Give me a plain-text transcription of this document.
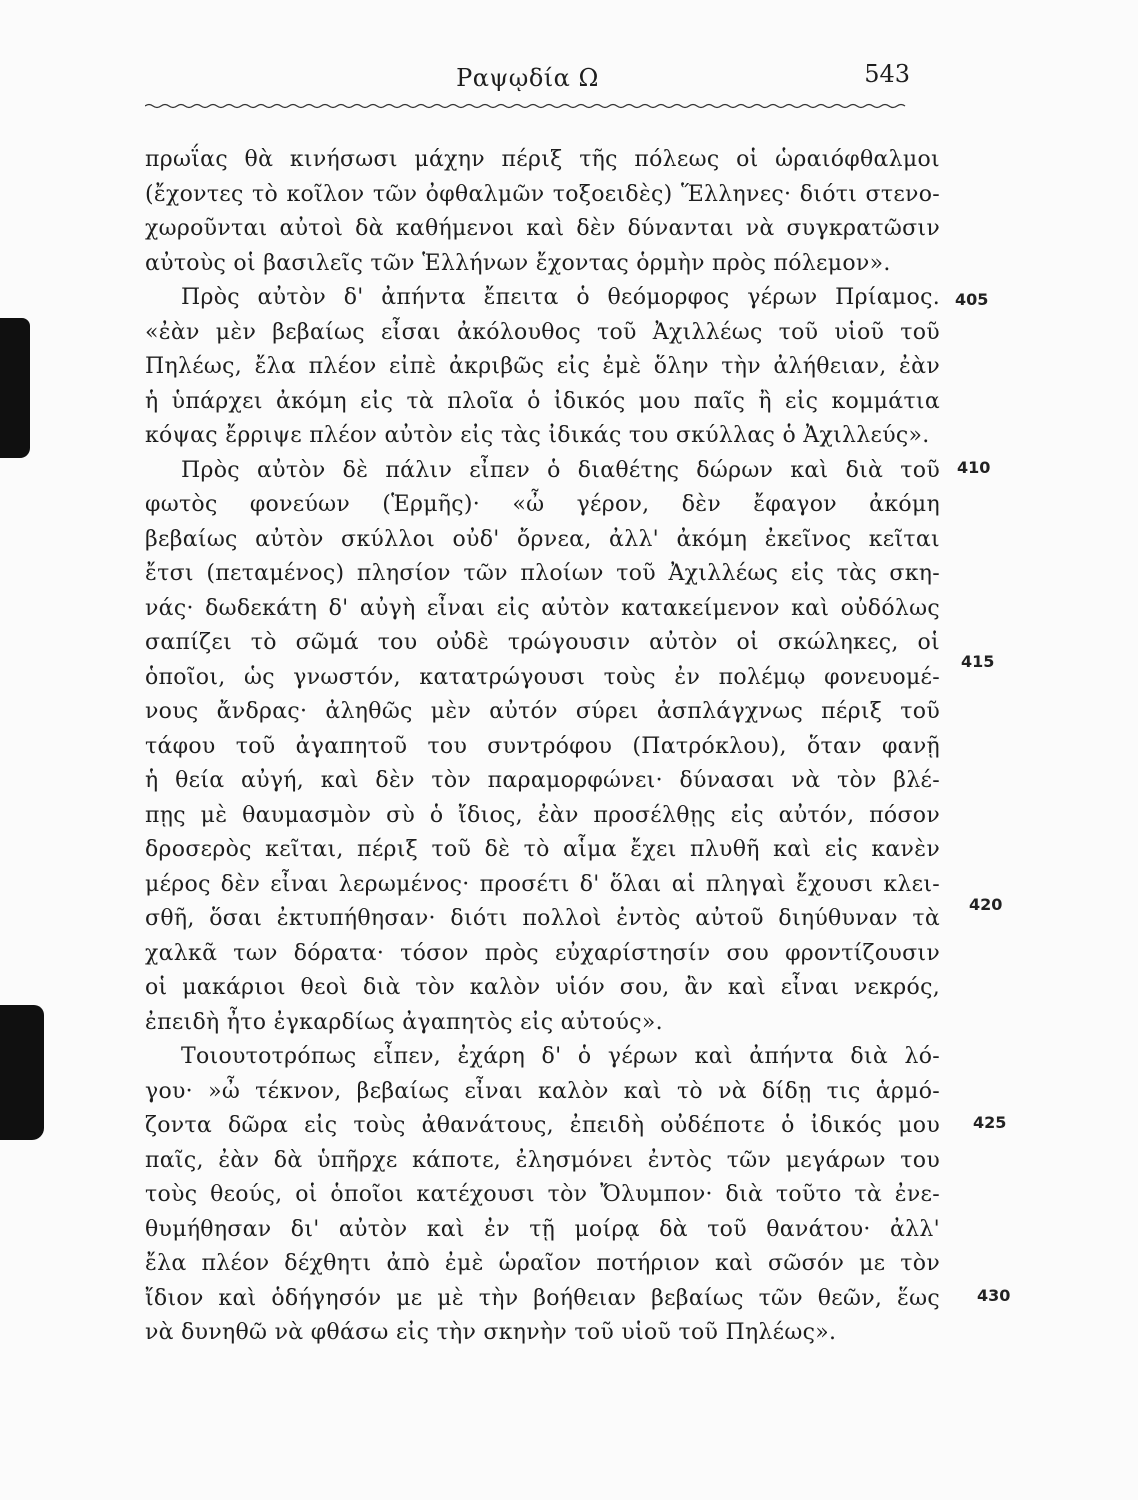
Ραψῳδία Ω	543
πρωΐας θὰ κινήσωσι μάχην πέριξ τῆς πόλεως οἱ ὡραιόφθαλμοι
(ἔχοντες τὸ κοῖλον τῶν ὀφθαλμῶν τοξοειδὲς) Ἕλληνες· διότι στενο-
χωροῦνται αὐτοὶ δὰ καθήμενοι καὶ δὲν δύνανται νὰ συγκρατῶσιν
αὐτοὺς οἱ βασιλεῖς τῶν Ἑλλήνων ἔχοντας ὁρμὴν πρὸς πόλεμον».
Πρὸς αὐτὸν δ' ἀπήντα ἔπειτα ὁ θεόμορφος γέρων Πρίαμος.
«ἐὰν μὲν βεβαίως εἶσαι ἀκόλουθος τοῦ Ἀχιλλέως τοῦ υἱοῦ τοῦ
Πηλέως, ἔλα πλέον εἰπὲ ἀκριβῶς εἰς ἐμὲ ὅλην τὴν ἀλήθειαν, ἐὰν
ἡ ὑπάρχει ἀκόμη εἰς τὰ πλοῖα ὁ ἰδικός μου παῖς ἢ εἰς κομμάτια
κόψας ἔρριψε πλέον αὐτὸν εἰς τὰς ἰδικάς του σκύλλας ὁ Ἀχιλλεύς».
Πρὸς αὐτὸν δὲ πάλιν εἶπεν ὁ διαθέτης δώρων καὶ διὰ τοῦ
φωτὸς φονεύων (Ἑρμῆς)· «ὦ γέρον, δὲν ἔφαγον ἀκόμη
βεβαίως αὐτὸν σκύλλοι οὐδ' ὄρνεα, ἀλλ' ἀκόμη ἐκεῖνος κεῖται
ἔτσι (πεταμένος) πλησίον τῶν πλοίων τοῦ Ἀχιλλέως εἰς τὰς σκη-
νάς· δωδεκάτη δ' αὐγὴ εἶναι εἰς αὐτὸν κατακείμενον καὶ οὐδόλως
σαπίζει τὸ σῶμά του οὐδὲ τρώγουσιν αὐτὸν οἱ σκώληκες, οἱ
ὁποῖοι, ὡς γνωστόν, κατατρώγουσι τοὺς ἐν πολέμῳ φονευομέ-
νους ἄνδρας· ἀληθῶς μὲν αὐτόν σύρει ἀσπλάγχνως πέριξ τοῦ
τάφου τοῦ ἀγαπητοῦ του συντρόφου (Πατρόκλου), ὅταν φανῇ
ἡ θεία αὐγή, καὶ δὲν τὸν παραμορφώνει· δύνασαι νὰ τὸν βλέ-
πῃς μὲ θαυμασμὸν σὺ ὁ ἴδιος, ἐὰν προσέλθῃς εἰς αὐτόν, πόσον
δροσερὸς κεῖται, πέριξ τοῦ δὲ τὸ αἷμα ἔχει πλυθῆ καὶ εἰς κανὲν
μέρος δὲν εἶναι λερωμένος· προσέτι δ' ὅλαι αἱ πληγαὶ ἔχουσι κλει-
σθῆ, ὅσαι ἐκτυπήθησαν· διότι πολλοὶ ἐντὸς αὐτοῦ διηύθυναν τὰ
χαλκᾶ των δόρατα· τόσον πρὸς εὐχαρίστησίν σου φροντίζουσιν
οἱ μακάριοι θεοὶ διὰ τὸν καλὸν υἱόν σου, ἂν καὶ εἶναι νεκρός,
ἐπειδὴ ἦτο ἐγκαρδίως ἀγαπητὸς εἰς αὐτούς».
Τοιουτοτρόπως εἶπεν, ἐχάρη δ' ὁ γέρων καὶ ἀπήντα διὰ λό-
γου· »ὦ τέκνον, βεβαίως εἶναι καλὸν καὶ τὸ νὰ δίδῃ τις ἁρμό-
ζοντα δῶρα εἰς τοὺς ἀθανάτους, ἐπειδὴ οὐδέποτε ὁ ἰδικός μου
παῖς, ἐὰν δὰ ὑπῆρχε κάποτε, ἐλησμόνει ἐντὸς τῶν μεγάρων του
τοὺς θεούς, οἱ ὁποῖοι κατέχουσι τὸν Ὄλυμπον· διὰ τοῦτο τὰ ἐνε-
θυμήθησαν δι' αὐτὸν καὶ ἐν τῇ μοίρᾳ δὰ τοῦ θανάτου· ἀλλ'
ἔλα πλέον δέχθητι ἀπὸ ἐμὲ ὡραῖον ποτήριον καὶ σῶσόν με τὸν
ἴδιον καὶ ὁδήγησόν με μὲ τὴν βοήθειαν βεβαίως τῶν θεῶν, ἕως
νὰ δυνηθῶ νὰ φθάσω εἰς τὴν σκηνὴν τοῦ υἱοῦ τοῦ Πηλέως».
405
410
415
420
425
430
